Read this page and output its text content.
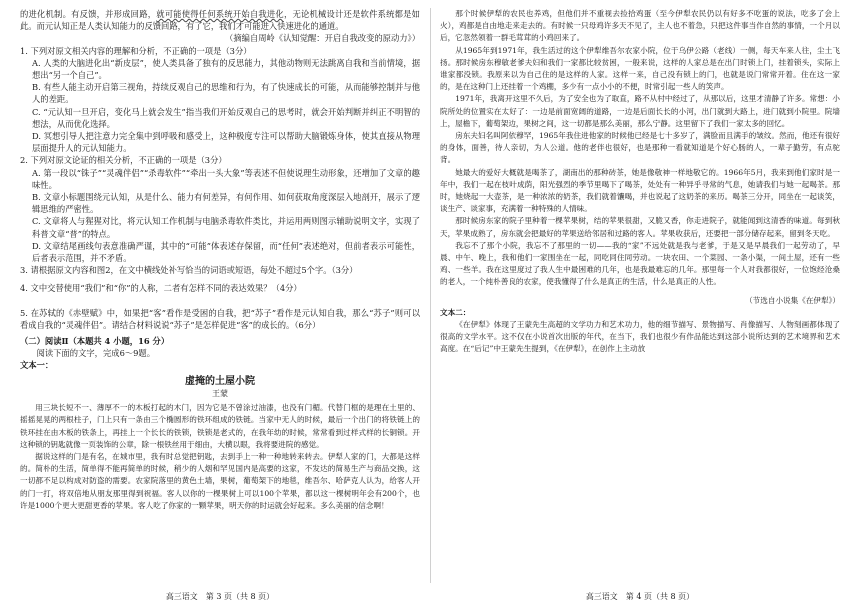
的进化机制。有反馈，并形成回路，就可能使得任何系统开始自我进化，无论机械设计还是软件系统都是如此。而元认知正是人类认知能力的反馈回路，有了它，我们才可能进入快速进化的通道。

（摘编自周岭《认知觉醒：开启自我改变的原动力》）

1. 下列对原文相关内容的理解和分析，不正确的一项是（3分）

A. 人类的大脑进化出“新皮层”，使人类具备了独有的反思能力，其他动物则无法跳离自我和当前情境，据想出“另一个自己”。

B. 有些人能主动开启第三视角，持续反观自己的思维和行为，有了快速成长的可能，从而能够控制并与他人的差距。

C. “元认知一旦开启，变化马上就会发生”指当我们开始反观自己的思考时，就会开始判断并纠正不明智的想法，从而优化选择。

D. 冥想引导人把注意力完全集中到呼吸和感受上，这种极度专注可以帮助大脑锻炼身体，使其直接从物理层面提升人的元认知能力。

2. 下列对原文论证的相关分析，不正确的一项是（3分）

A. 第一段以“铢子”“灵魂伴侣”“杀毒软件”“牵出一头大象”等表述不但使说理生动形象，还增加了文章的趣味性。

B. 文章小标题围绕元认知，从是什么、能力有何差异，有何作用、如何获取角度深层入地剖开，展示了逻辑思维的严密性。

C. 文章将人与猩猩对比，将元认知工作机制与电脑杀毒软件类比，并运用两则图示辅助说明文字，实现了科普文章“普”的特点。

D. 文章结尾画线句表意准确严谨，其中的“可能”体表述存保留，而“任何”表述绝对，但前者表示可能性，后者表示范围，并不矛盾。

3. 请根据原文内容和图2，在文中横线处补写恰当的词语或短语，每处不超过5个字。（3分）

4. 文中交替使用“我们”和“你”的人称，二者有怎样不同的表达效果？（4分）

5. 在苏轼的《赤壁赋》中，如果把“客”看作是受困的自我，把“苏子”看作是元认知自我，那么“苏子”则可以看成自我的“灵魂伴侣”。请结合材料说说“苏子”是怎样促进“客”的成长的。（6分）

（二）阅读Ⅱ（本题共 4 小题，16 分）

阅读下面的文字，完成6～9题。

文本一：

虚掩的土屋小院

王蒙

用三块长短不一、薄厚不一的木板打起的木门，因为它是不曾涂过油漆，也没有门楣。代替门框的是理在土里的、摇摇晃晃的两根柱子，门上只有一条由三个椭圆形的铁环组成的铁链。当家中无人的时候，最后一个出门的将铁链上的铁环挂在由木板的铁条上，再挂上一个长长的铁锁，铁锁是老式的，在我年幼的时候，常常看到过样式样的长铜锁。开这种锁的钥匙就像一页装饰的公章，除一根铁丝用于细由，大横以眼，我将要进院的感觉。

据说这样的门是有名，在城市里，我有时总觉把钥匙，去到手上一种一种地转来转去。伊犁人家的门，大都是这样的。简朴的生活，简单得不能再简单的时候，稍少的人烟和罕见国内是高要的这家，不发达的简易生产与商品交换，这一切都不足以构成对防盗的需要。农家院落里的黄色土墙，果树，葡萄架下的地毯，维吾尔、哈萨克人认为，给客人开的门一打，将双倍地从朋友那里得到祝福。客人以你的一棵果树上可以100个苹果，都以这一棵树明年会有200个，也许是1000个更大更甜更香的苹果。客人吃了你家的一颗苹果，明天你的时运就会好起来。多么美丽的信念啊！

那个时候伊犁的农民也养鸡，但他们并不重视去捡拾鸡蛋（至今伊犁农民仍以有好多不吃蛋的说法，吃多了会上火），鸡都是自由地走来走去的。有时候一只母鸡许多天不见了，主人也不着急，只把这件事当作自然的事情，一个月以后，它忽然领着一群毛茸茸的小鸡回来了。

从1965年到1971年，我生活过的这个伊犁维吾尔农家小院，位于乌伊公路（老线）一侧，每天车来人往，尘土飞扬。那时候房东穆敏老爹夫妇和我们一家都比较贫困，一般来说，这样的人家总是在出门时锁上门，挂着锁头，实际上谁家都没锁。我原来以为自己住的是这样的人家。这样一来，自己没有锁上的门，也就是说门常常开着。住在这一家的，是在这种门上还挂着一个鸡棚，多少有一点小小的不便，时常引起一些人的笑声。

1971年，我离开这里不久后，为了安全也为了取直，路不从村中经过了，从那以后，这里才清静了许多。常想：小院所处的位置实在太好了：一边是前面宽阔的道路，一边是后面长长的小河，出门就到大路上，进门就到小院里。院墙上，屋檐下，葡萄架边，果树之间，这一切都是那么美丽，那么宁静。这里留下了我们一家太多的回忆。

房东夫妇名叫阿依穆罕，1965年我住进他家的时候他已经是七十多岁了，满脸而且满手的皱纹。然而，他还有很好的身体，面善，待人亲切，为人公道。他的老伴也很好，也是那种一看就知道是个好心肠的人，一辈子勤劳，有点驼背。

她最大的爱好大概就是喝茶了，湖南出的那种砖茶，她是像敬神一样地敬它的。1966年5月，我来到他们家时是一年中，我们一起在枝叶成荫，阳光强烈的季节里喝下了喝茶，处处有一种异乎寻常的气息，她请我们与她一起喝茶。那时，她烧起一大壶茶，是一种浓浓的奶茶，我们就着馕喝，并也说起了这奶茶的来历。喝茶三分开，同坐在一起谈笑，谈生产、谈家事，充满着一种特殊的人情味。

那时候房东家的院子里种着一棵苹果树，结的苹果很甜，又脆又香，你走进院子，就能闻到这清香的味道。每到秋天，苹果成熟了，房东就会把最好的苹果送给邻居和过路的客人。苹果收获后，还要把一部分储存起来，留到冬天吃。

我忘不了那个小院，我忘不了那里的一切——我的“家”不远处就是我与老爹，于是又是早晨我们一起劳动了，早晨、中午、晚上，我和他们一家围坐在一起，同吃同住同劳动。一块农田、一个菜园、一条小渠，一间土屋，还有一些鸡、一些羊。我在这里度过了我人生中最困难的几年，也是我最难忘的几年。那里每一个人对我都很好，一位饱经沧桑的老人，一个纯朴善良的农家，使我懂得了什么是真正的生活，什么是真正的人性。

（节选自小说集《在伊犁》）

文本二：

《在伊犁》体现了王蒙先生高超的文学功力和艺术功力，他的细节描写、景物描写、肖像描写、人物刻画都体现了很高的文学水平。这不仅在小说首次出版的年代，在当下，我们也很少有作品能达到这部小说所达到的艺术境界和艺术高度。在“后记”中王蒙先生提到，《在伊犁》，在创作上主动放

高三语文　第 3 页（共 8 页）	高三语文　第 4 页（共 8 页）
